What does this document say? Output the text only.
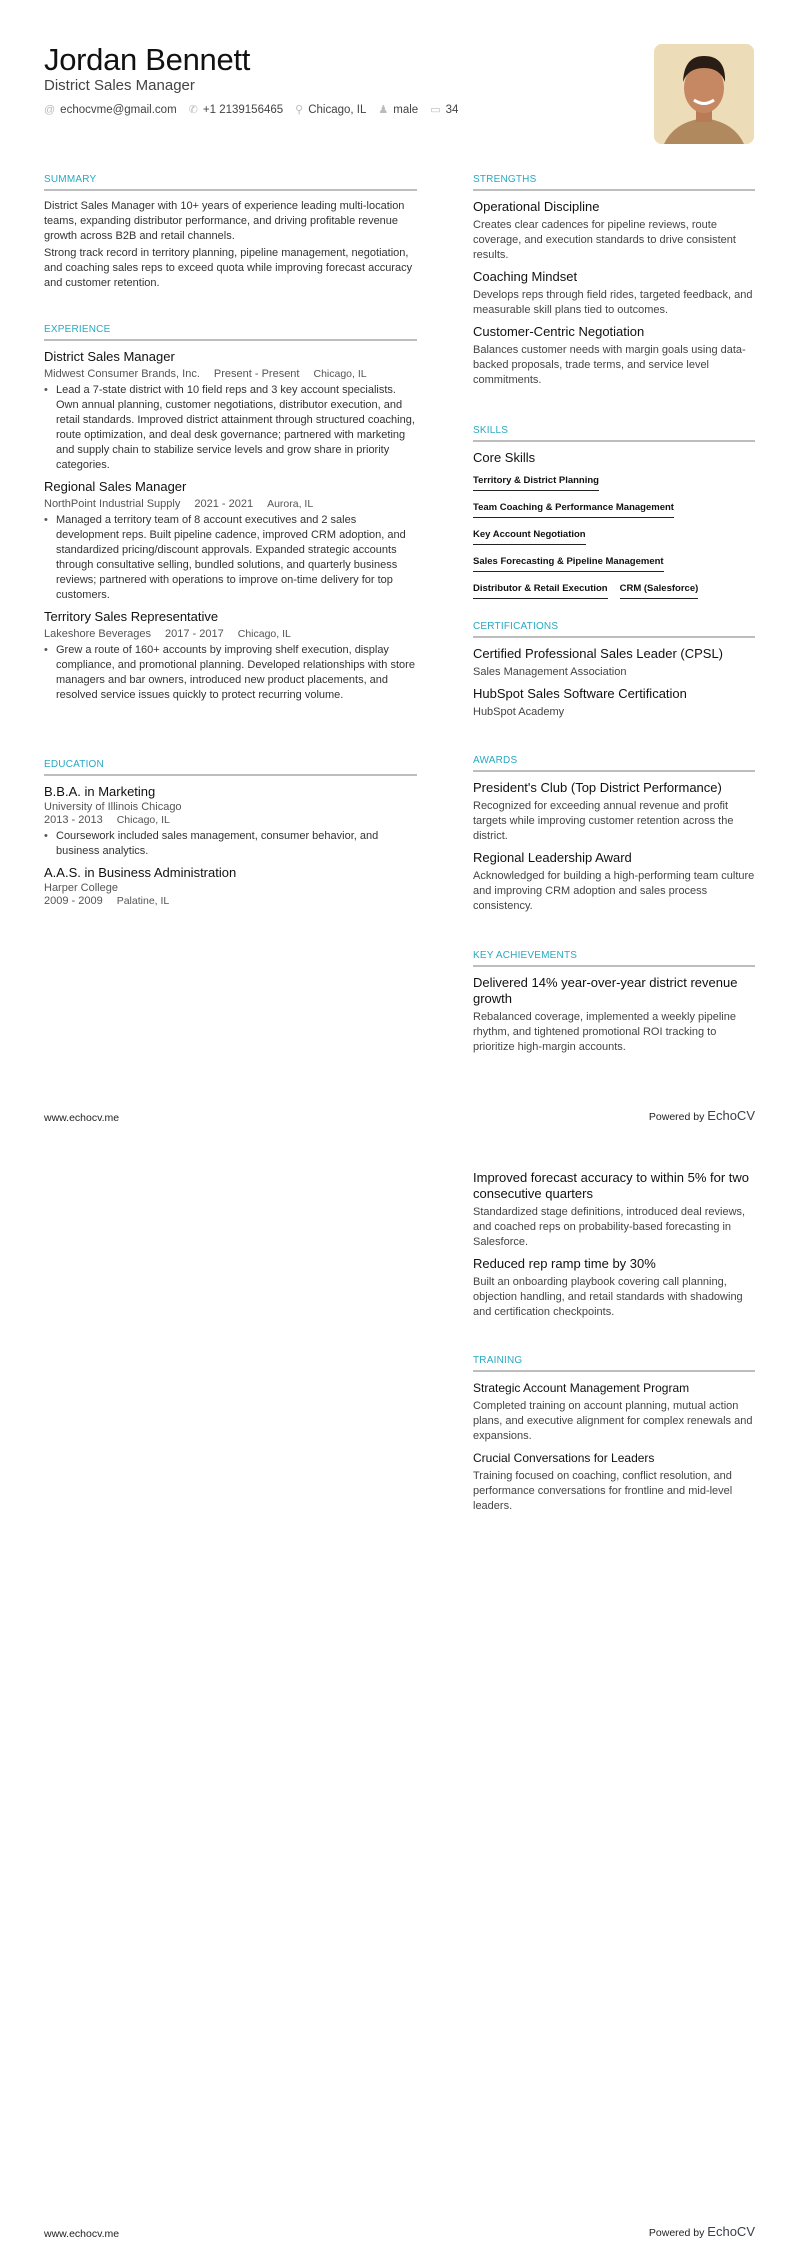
Jordan Bennett
District Sales Manager
@ echocvme@gmail.com ✆ +1 2139156465 ⚲ Chicago, IL ♟ male ▭ 34
SUMMARY

District Sales Manager with 10+ years of experience leading multi-location teams, expanding distributor performance, and driving profitable revenue growth across B2B and retail channels.

Strong track record in territory planning, pipeline management, negotiation, and coaching sales reps to exceed quota while improving forecast accuracy and customer retention.

EXPERIENCE
District Sales Manager
Midwest Consumer Brands, Inc. Present - Present Chicago, IL
• Lead a 7-state district with 10 field reps and 3 key account specialists. Own annual planning, customer negotiations, distributor execution, and retail standards. Improved district attainment through structured coaching, route optimization, and deal desk governance; partnered with marketing and supply chain to stabilize service levels and grow share in priority categories.
Regional Sales Manager
NorthPoint Industrial Supply 2021 - 2021 Aurora, IL
• Managed a territory team of 8 account executives and 2 sales development reps. Built pipeline cadence, improved CRM adoption, and standardized pricing/discount approvals. Expanded strategic accounts through consultative selling, bundled solutions, and quarterly business reviews; partnered with operations to improve on-time delivery for top customers.
Territory Sales Representative
Lakeshore Beverages 2017 - 2017 Chicago, IL
• Grew a route of 160+ accounts by improving shelf execution, display compliance, and promotional planning. Developed relationships with store managers and bar owners, introduced new product placements, and resolved service issues quickly to protect recurring volume.
EDUCATION
B.B.A. in Marketing
University of Illinois Chicago
2013 - 2013 Chicago, IL
• Coursework included sales management, consumer behavior, and business analytics.
A.A.S. in Business Administration
Harper College
2009 - 2009 Palatine, IL
STRENGTHS
Operational Discipline

Creates clear cadences for pipeline reviews, route coverage, and execution standards to drive consistent results.

Coaching Mindset

Develops reps through field rides, targeted feedback, and measurable skill plans tied to outcomes.

Customer-Centric Negotiation

Balances customer needs with margin goals using data-backed proposals, trade terms, and service level commitments.

SKILLS
Core Skills
Territory & District Planning
Team Coaching & Performance Management
Key Account Negotiation
Sales Forecasting & Pipeline Management
Distributor & Retail Execution CRM (Salesforce)
CERTIFICATIONS
Certified Professional Sales Leader (CPSL)

Sales Management Association

HubSpot Sales Software Certification

HubSpot Academy

AWARDS
President's Club (Top District Performance)

Recognized for exceeding annual revenue and profit targets while improving customer retention across the district.

Regional Leadership Award

Acknowledged for building a high-performing team culture and improving CRM adoption and sales process consistency.

KEY ACHIEVEMENTS
Delivered 14% year-over-year district revenue growth

Rebalanced coverage, implemented a weekly pipeline rhythm, and tightened promotional ROI tracking to prioritize high-margin accounts.

www.echocv.me	Powered by EchoCV
Improved forecast accuracy to within 5% for two consecutive quarters

Standardized stage definitions, introduced deal reviews, and coached reps on probability-based forecasting in Salesforce.

Reduced rep ramp time by 30%

Built an onboarding playbook covering call planning, objection handling, and retail standards with shadowing and certification checkpoints.

TRAINING
Strategic Account Management Program

Completed training on account planning, mutual action plans, and executive alignment for complex renewals and expansions.

Crucial Conversations for Leaders

Training focused on coaching, conflict resolution, and performance conversations for frontline and mid-level leaders.

www.echocv.me	Powered by EchoCV
